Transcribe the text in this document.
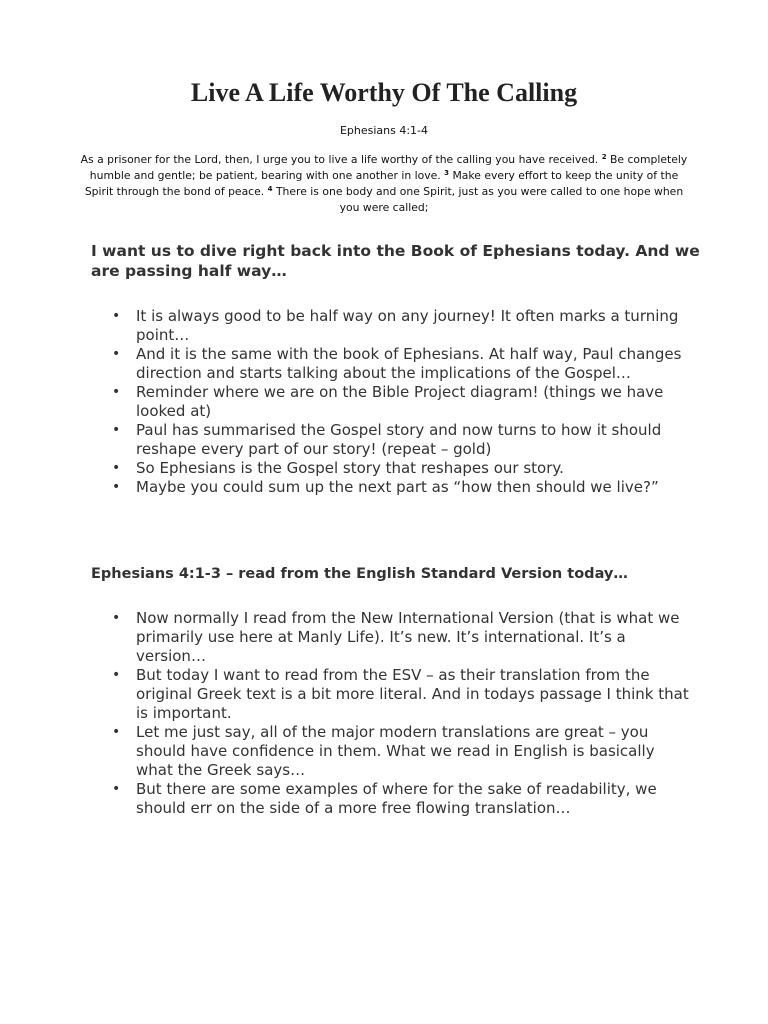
Live A Life Worthy Of The Calling
Ephesians 4:1-4
As a prisoner for the Lord, then, I urge you to live a life worthy of the calling you have received. $^2$ Be completely humble and gentle; be patient, bearing with one another in love. $^3$ Make every effort to keep the unity of the Spirit through the bond of peace. $^4$ There is one body and one Spirit, just as you were called to one hope when you were called;
I want us to dive right back into the Book of Ephesians today. And we are passing half way…
• It is always good to be half way on any journey! It often marks a turning point…
• And it is the same with the book of Ephesians. At half way, Paul changes direction and starts talking about the implications of the Gospel…
• Reminder where we are on the Bible Project diagram! (things we have looked at)
• Paul has summarised the Gospel story and now turns to how it should reshape every part of our story! (repeat – gold)
• So Ephesians is the Gospel story that reshapes our story.
• Maybe you could sum up the next part as “how then should we live?”
Ephesians 4:1-3 – read from the English Standard Version today…
• Now normally I read from the New International Version (that is what we primarily use here at Manly Life). It’s new. It’s international. It’s a version…
• But today I want to read from the ESV – as their translation from the original Greek text is a bit more literal. And in todays passage I think that is important.
• Let me just say, all of the major modern translations are great – you should have confidence in them. What we read in English is basically what the Greek says…
• But there are some examples of where for the sake of readability, we should err on the side of a more free flowing translation…
